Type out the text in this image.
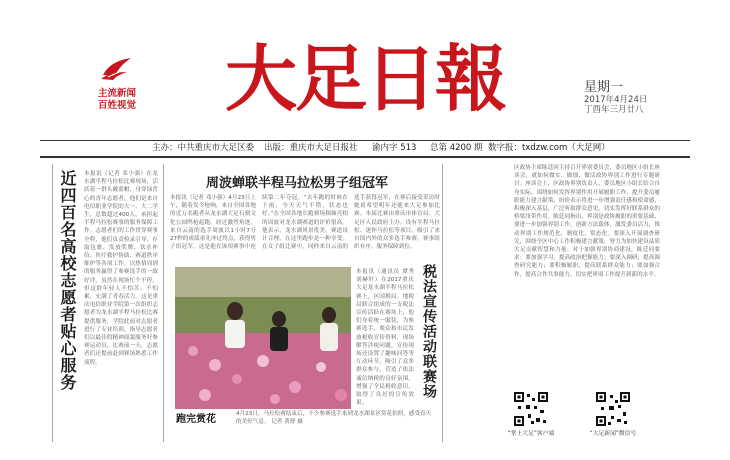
主流新闻
百姓视觉	大足日報	星期一
2017年4月24日
丁酉年三月廿八
主办：中共重庆市大足区委 出版：重庆市大足日报社 渝内字 513 总第 4200 期 数字报：txdzw.com（大足网）
近四百名高校志愿者贴心服务 本报讯（记者 邓小强）在龙水湖半程马拉松比赛现场，活跃着一群头戴蓝帽，身穿绿背心的青年志愿者，他们是来自电信职业学院的大一、大二学生，总数超过400人，承担起半程马拉松赛事的服务保障工作。志愿者们的工作贯穿赛事全程，他们负责检录引导、存取包裹、发放奖牌、饮水补给、医疗救护协助、赛道秩序维护等各项工作，以热情周到的服务赢得了参赛选手的一致好评。虽然在现场忙个不停，但这群年轻人不怕苦、不怕累，充满了青春活力。这是重庆电信职业学院第一次组织志愿者为龙水湖半程马拉松比赛提供服务，学院此前对志愿者进行了专业培训，指导志愿者们以最佳的精神面貌服务好参赛运动员，比赛前一天，志愿者们还提前赶到赛场熟悉工作流程。
周波蝉联半程马拉松男子组冠军
本报讯（记者 邓小强）4月23日上午，随着发令枪响，来自全国各地的近万名跑者从龙水湖大足石刻文化公园鸣枪起跑。经过激烈角逐，来自云南的选手周波以1小时7分27秒的成绩率先冲过终点，获得男子组冠军，这是他在该项赛事中连续第二年夺冠。“去年跑的时候在下雨，今天天气不错，状态也好。”在全国各地长跑赛场频频亮相的周波对龙水湖赛道的评价很高。他表示，龙水湖风景优美，赛道设计合理，在这里跑步是一种享受。在女子组比赛中，同样来自云南的选手获得冠军，在赛后接受采访时她说希望明年还能来大足参加比赛。本届比赛由重庆市体育局、大足区人民政府主办，设有半程马拉松、迷你马拉松等项目，吸引了来自国内外的众多选手参赛，赛事组织有序、服务保障到位。
跑完赏花	4月23日，马拉松赛结束后，不少参赛选手来到龙水湖景区赏花拍照，感受春天的美好气息。 记者 黄舒 摄
本报讯（通讯员 谭秀 刘赫轩）在2017重庆大足龙水湖半程马拉松赛上，区国税局、地税局联合组成的一支税法宣传活跃在赛场上，他们身着统一服装，为参赛选手、观众和市民发放税收宣传资料，现场解答涉税问题。宣传现场还设置了趣味问答等互动环节，吸引了众多群众参与，营造了依法诚信纳税的良好氛围，增强了全民税收意识，取得了良好的宣传效果。
税法宣传活动联赛场
区政协主席陈廷同主持召开界别委员会，委员地区小组长座谈会，就如何做实、做细、做活政协界别工作进行专题研讨。座谈会上，区政协界别负责人、委员地区小组长结合自身实际，围绕如何发挥界别作用开展履职工作、提升委员履职能力建言献策，纷纷表示将进一步增强责任感和使命感，积极深入基层，广泛听取群众意见，切实发挥好联系群众的桥梁纽带作用。陈廷同指出，界别是政协履职的重要基础，要进一步加强界别工作，创新方法载体，激发委员活力，推动界别工作规范化、制度化、常态化。要深入开展调查研究，围绕全区中心工作积极建言献策，努力为加快建设品质大足贡献智慧和力量。对于加强界别协商建设，陈廷同要求：要加强学习，提高政治把握能力；要深入调研，提高调查研究能力；要积极履职，提高联系群众能力；要加强合作，提高合作共事能力，切实把界别工作提升到新的水平。
“掌上大足”客户端	“大足新闻”微信号
